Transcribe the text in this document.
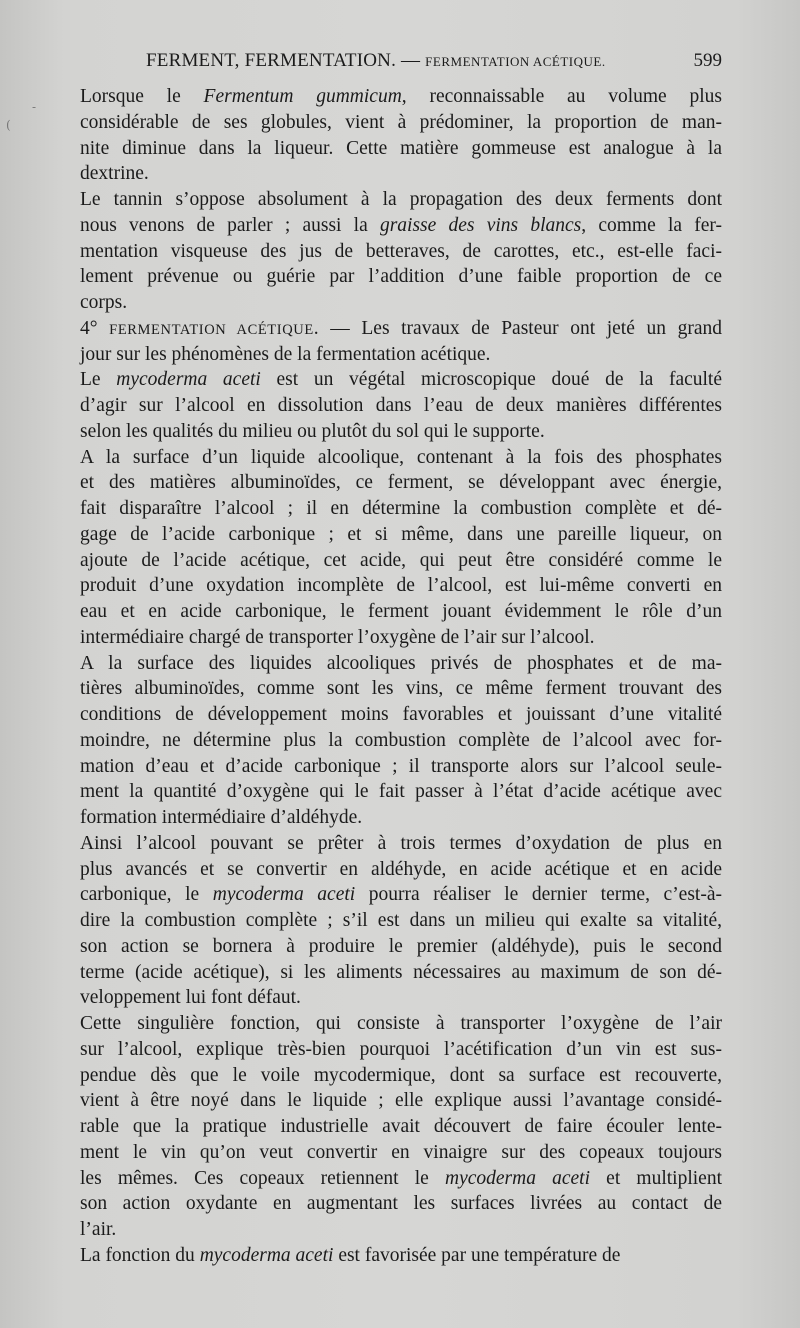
FERMENT, FERMENTATION. — FERMENTATION ACÉTIQUE.	599
Lorsque le Fermentum gummicum, reconnaissable au volume plus
considérable de ses globules, vient à prédominer, la proportion de man-
nite diminue dans la liqueur. Cette matière gommeuse est analogue à la
dextrine.
Le tannin s’oppose absolument à la propagation des deux ferments dont
nous venons de parler ; aussi la graisse des vins blancs, comme la fer-
mentation visqueuse des jus de betteraves, de carottes, etc., est-elle faci-
lement prévenue ou guérie par l’addition d’une faible proportion de ce
corps.
4° FERMENTATION ACÉTIQUE. — Les travaux de Pasteur ont jeté un grand
jour sur les phénomènes de la fermentation acétique.
Le mycoderma aceti est un végétal microscopique doué de la faculté
d’agir sur l’alcool en dissolution dans l’eau de deux manières différentes
selon les qualités du milieu ou plutôt du sol qui le supporte.
A la surface d’un liquide alcoolique, contenant à la fois des phosphates
et des matières albuminoïdes, ce ferment, se développant avec énergie,
fait disparaître l’alcool ; il en détermine la combustion complète et dé-
gage de l’acide carbonique ; et si même, dans une pareille liqueur, on
ajoute de l’acide acétique, cet acide, qui peut être considéré comme le
produit d’une oxydation incomplète de l’alcool, est lui-même converti en
eau et en acide carbonique, le ferment jouant évidemment le rôle d’un
intermédiaire chargé de transporter l’oxygène de l’air sur l’alcool.
A la surface des liquides alcooliques privés de phosphates et de ma-
tières albuminoïdes, comme sont les vins, ce même ferment trouvant des
conditions de développement moins favorables et jouissant d’une vitalité
moindre, ne détermine plus la combustion complète de l’alcool avec for-
mation d’eau et d’acide carbonique ; il transporte alors sur l’alcool seule-
ment la quantité d’oxygène qui le fait passer à l’état d’acide acétique avec
formation intermédiaire d’aldéhyde.
Ainsi l’alcool pouvant se prêter à trois termes d’oxydation de plus en
plus avancés et se convertir en aldéhyde, en acide acétique et en acide
carbonique, le mycoderma aceti pourra réaliser le dernier terme, c’est-à-
dire la combustion complète ; s’il est dans un milieu qui exalte sa vitalité,
son action se bornera à produire le premier (aldéhyde), puis le second
terme (acide acétique), si les aliments nécessaires au maximum de son dé-
veloppement lui font défaut.
Cette singulière fonction, qui consiste à transporter l’oxygène de l’air
sur l’alcool, explique très-bien pourquoi l’acétification d’un vin est sus-
pendue dès que le voile mycodermique, dont sa surface est recouverte,
vient à être noyé dans le liquide ; elle explique aussi l’avantage considé-
rable que la pratique industrielle avait découvert de faire écouler lente-
ment le vin qu’on veut convertir en vinaigre sur des copeaux toujours
les mêmes. Ces copeaux retiennent le mycoderma aceti et multiplient
son action oxydante en augmentant les surfaces livrées au contact de
l’air.
La fonction du mycoderma aceti est favorisée par une température de
-
(
